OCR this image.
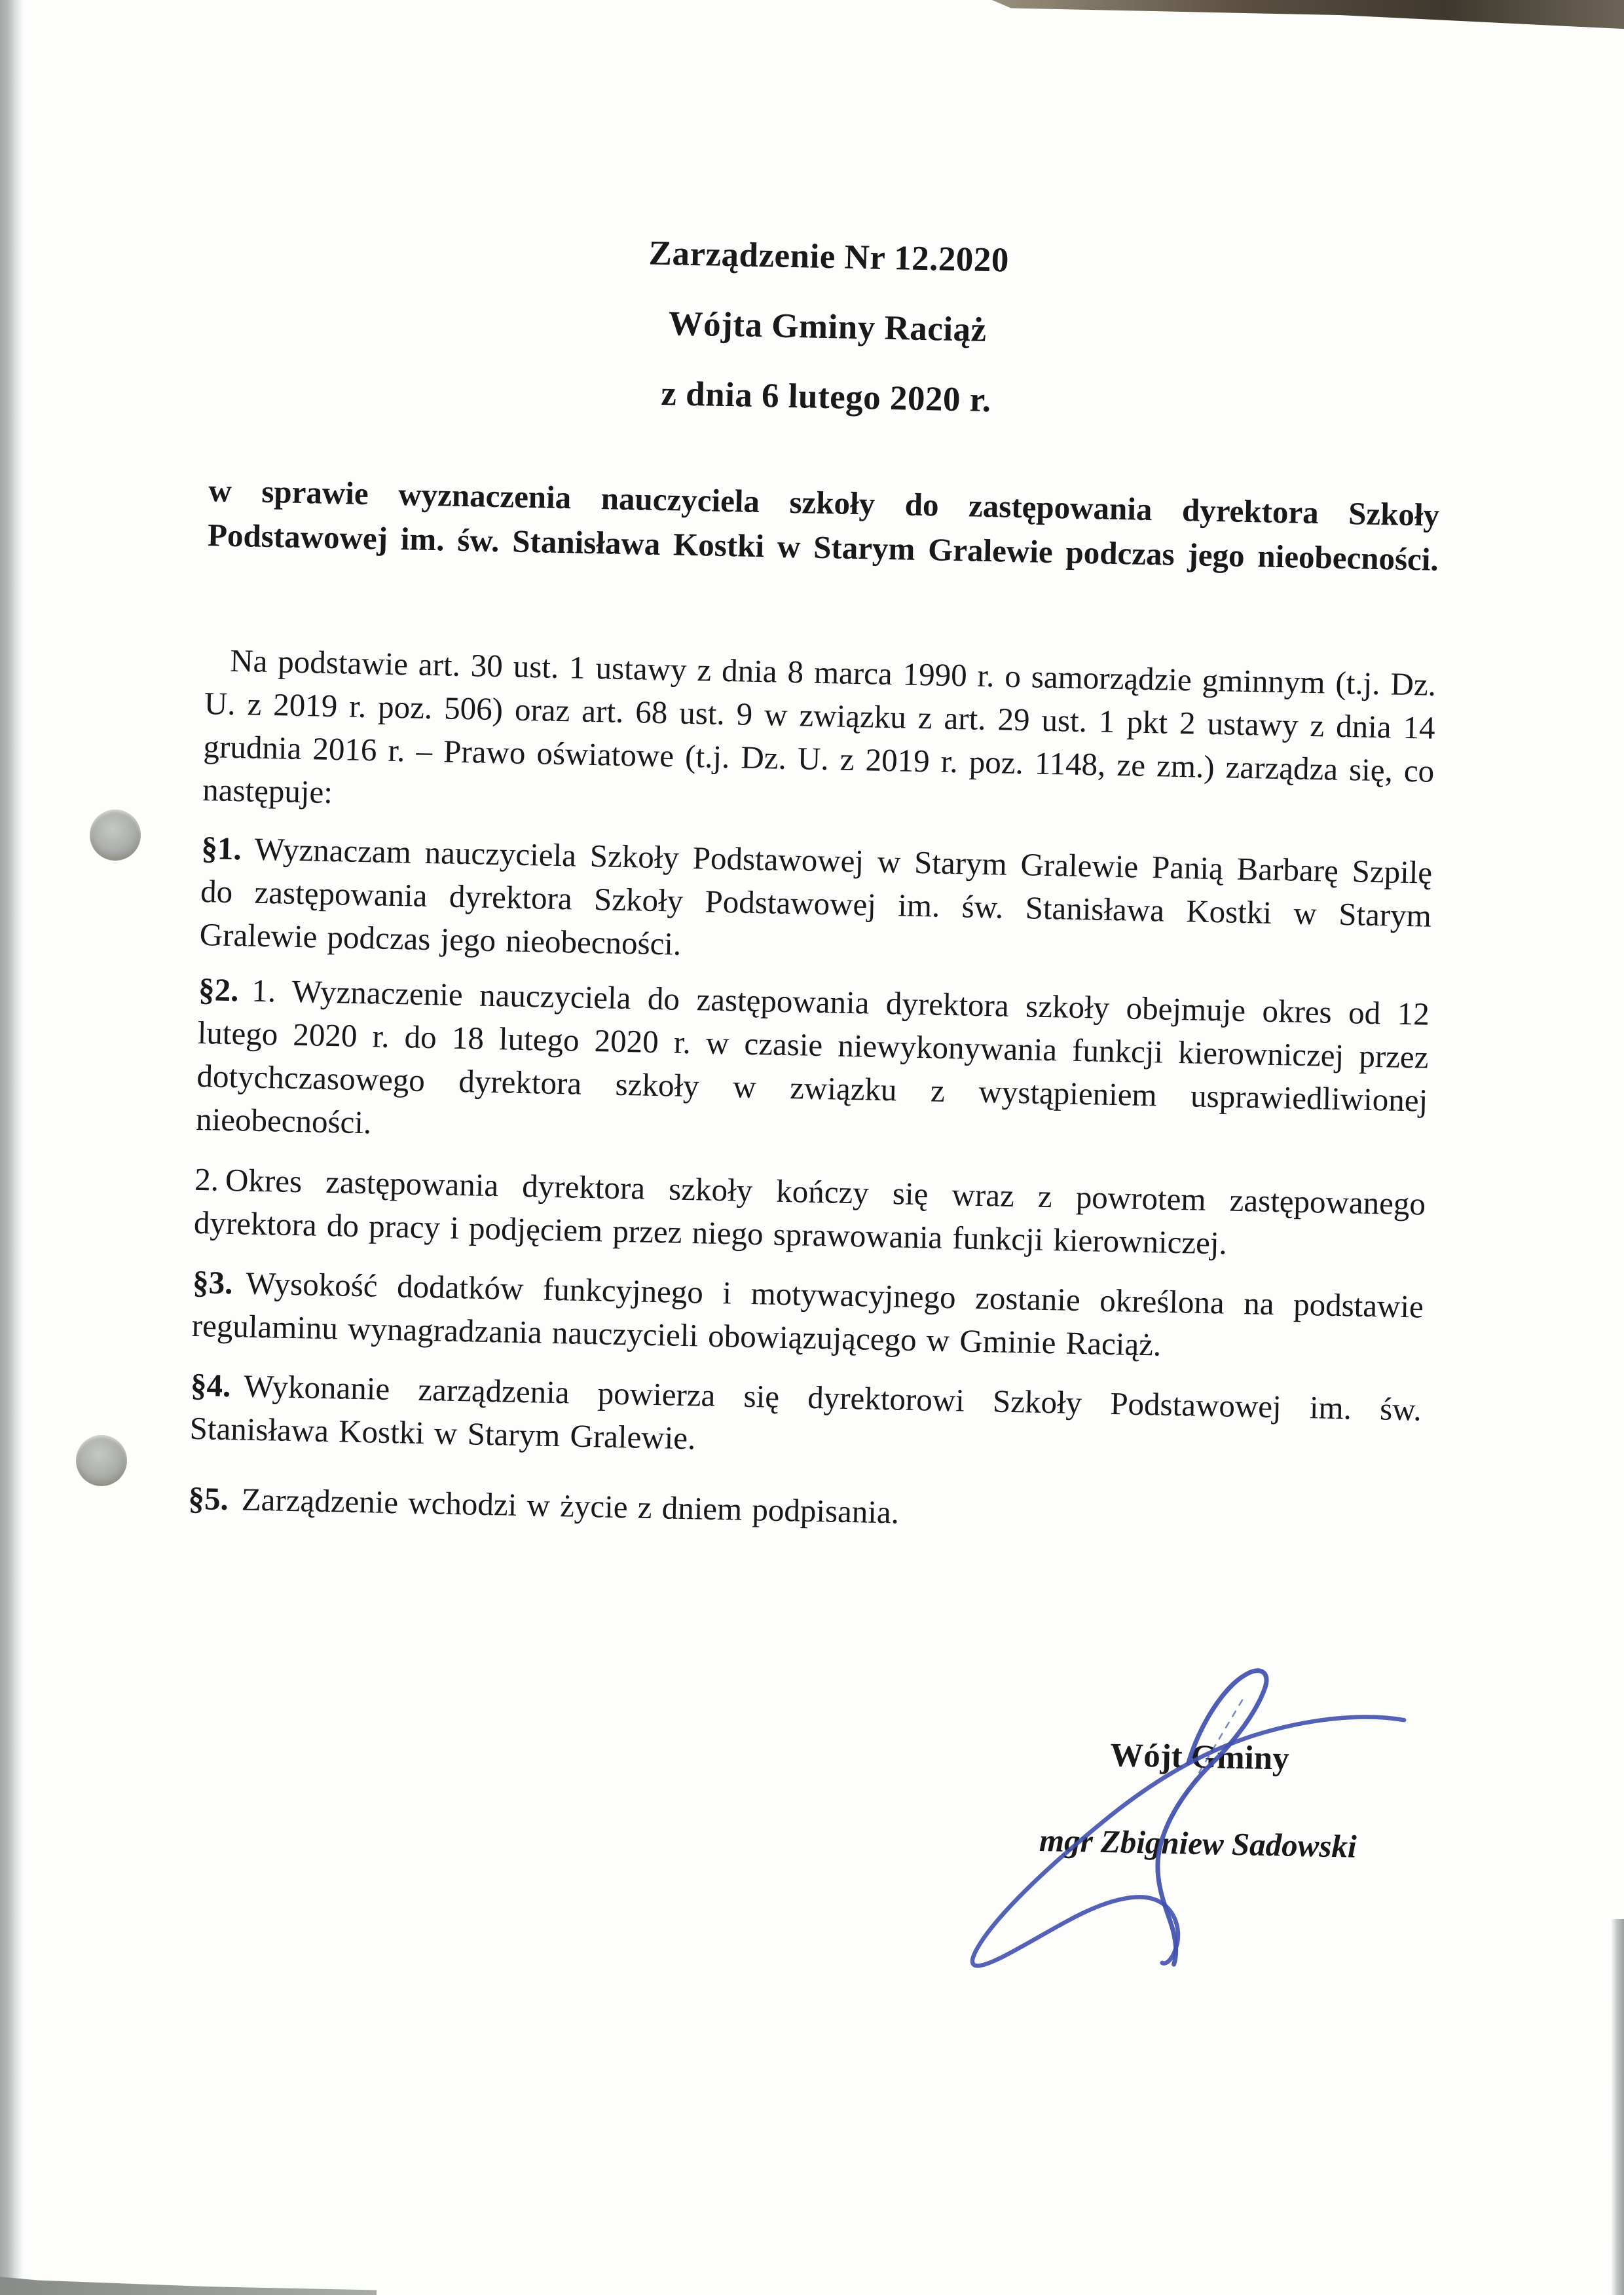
Zarządzenie Nr 12.2020
Wójta Gminy Raciąż
z dnia 6 lutego 2020 r.

w sprawie wyznaczenia nauczyciela szkoły do zastępowania dyrektora Szkoły Podstawowej im. św. Stanisława Kostki w Starym Gralewie podczas jego nieobecności.

Na podstawie art. 30 ust. 1 ustawy z dnia 8 marca 1990 r. o samorządzie gminnym (t.j. Dz. U. z 2019 r. poz. 506) oraz art. 68 ust. 9 w związku z art. 29 ust. 1 pkt 2 ustawy z dnia 14 grudnia 2016 r. – Prawo oświatowe (t.j. Dz. U. z 2019 r. poz. 1148, ze zm.) zarządza się, co następuje:

§1. Wyznaczam nauczyciela Szkoły Podstawowej w Starym Gralewie Panią Barbarę Szpilę do zastępowania dyrektora Szkoły Podstawowej im. św. Stanisława Kostki w Starym Gralewie podczas jego nieobecności.

§2. 1. Wyznaczenie nauczyciela do zastępowania dyrektora szkoły obejmuje okres od 12 lutego 2020 r. do 18 lutego 2020 r. w czasie niewykonywania funkcji kierowniczej przez dotychczasowego dyrektora szkoły w związku z wystąpieniem usprawiedliwionej nieobecności.

2. Okres zastępowania dyrektora szkoły kończy się wraz z powrotem zastępowanego dyrektora do pracy i podjęciem przez niego sprawowania funkcji kierowniczej.

§3. Wysokość dodatków funkcyjnego i motywacyjnego zostanie określona na podstawie regulaminu wynagradzania nauczycieli obowiązującego w Gminie Raciąż.

§4. Wykonanie zarządzenia powierza się dyrektorowi Szkoły Podstawowej im. św. Stanisława Kostki w Starym Gralewie.

§5. Zarządzenie wchodzi w życie z dniem podpisania.

Wójt Gminy
mgr Zbigniew Sadowski
